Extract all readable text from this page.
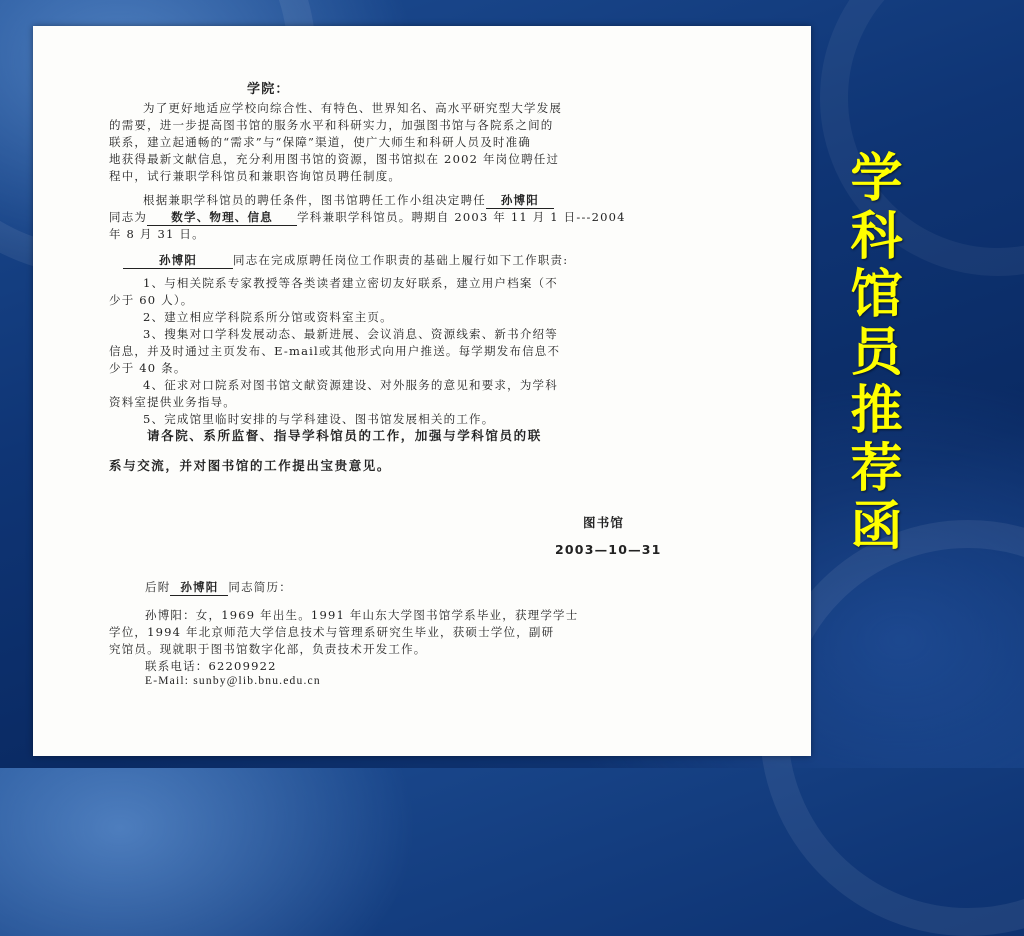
学院：
为了更好地适应学校向综合性、有特色、世界知名、高水平研究型大学发展
的需要，进一步提高图书馆的服务水平和科研实力，加强图书馆与各院系之间的
联系，建立起通畅的“需求”与“保障”渠道，使广大师生和科研人员及时准确
地获得最新文献信息，充分利用图书馆的资源，图书馆拟在 2002 年岗位聘任过
程中，试行兼职学科馆员和兼职咨询馆员聘任制度。
根据兼职学科馆员的聘任条件，图书馆聘任工作小组决定聘任 孙博阳
同志为 数学、物理、信息 学科兼职学科馆员。聘期自 2003 年 11 月 1 日---2004
年 8 月 31 日。
孙博阳	同志在完成原聘任岗位工作职责的基础上履行如下工作职责:
1、与相关院系专家教授等各类读者建立密切友好联系，建立用户档案（不
少于 60 人）。
2、建立相应学科院系所分馆或资料室主页。
3、搜集对口学科发展动态、最新进展、会议消息、资源线索、新书介绍等
信息，并及时通过主页发布、E-mail或其他形式向用户推送。每学期发布信息不
少于 40 条。
4、征求对口院系对图书馆文献资源建设、对外服务的意见和要求，为学科
资料室提供业务指导。
5、完成馆里临时安排的与学科建设、图书馆发展相关的工作。
请各院、系所监督、指导学科馆员的工作，加强与学科馆员的联
系与交流，并对图书馆的工作提出宝贵意见。
图书馆
2003—10—31
后附 孙博阳 同志简历：
孙博阳：女，1969 年出生。1991 年山东大学图书馆学系毕业，获理学学士
学位，1994 年北京师范大学信息技术与管理系研究生毕业，获硕士学位，副研
究馆员。现就职于图书馆数字化部，负责技术开发工作。
联系电话：62209922
E-Mail: sunby@lib.bnu.edu.cn
学科馆员推荐函
